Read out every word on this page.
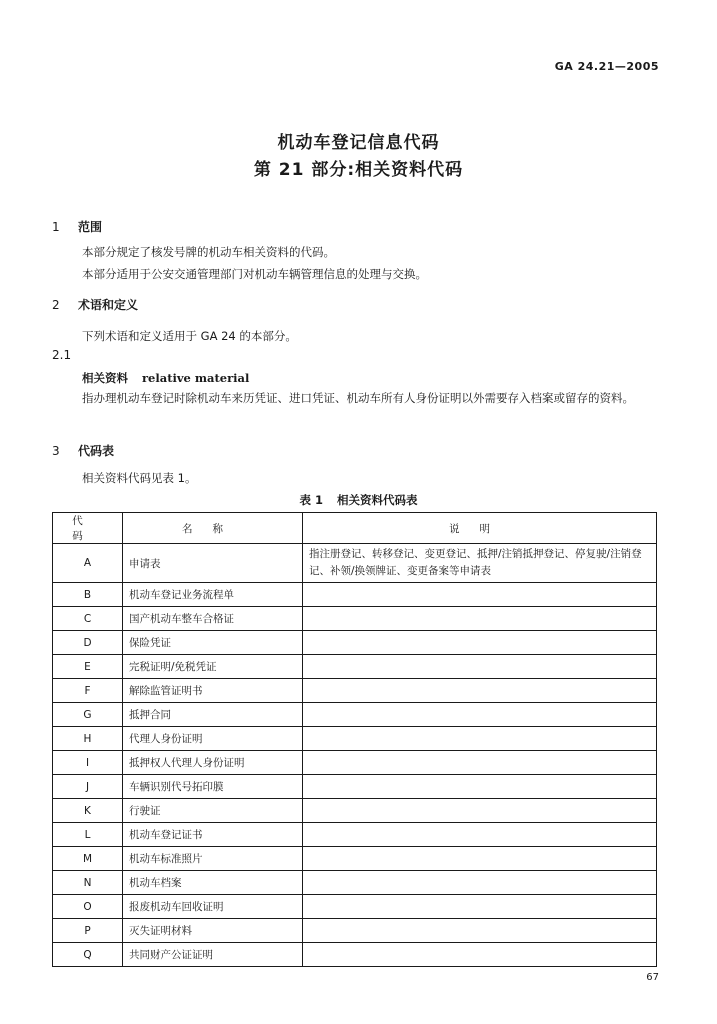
GA 24.21—2005
机动车登记信息代码
第 21 部分:相关资料代码
1 范围
本部分规定了核发号牌的机动车相关资料的代码。
本部分适用于公安交通管理部门对机动车辆管理信息的处理与交换。
2 术语和定义
下列术语和定义适用于 GA 24 的本部分。
2.1
相关资料 relative material
指办理机动车登记时除机动车来历凭证、进口凭证、机动车所有人身份证明以外需要存入档案或留存的资料。
3 代码表
相关资料代码见表 1。
表 1 相关资料代码表
代码	名称	说明
A	申请表	指注册登记、转移登记、变更登记、抵押/注销抵押登记、停复驶/注销登记、补领/换领牌证、变更备案等申请表
B	机动车登记业务流程单	
C	国产机动车整车合格证	
D	保险凭证	
E	完税证明/免税凭证	
F	解除监管证明书	
G	抵押合同	
H	代理人身份证明	
I	抵押权人代理人身份证明	
J	车辆识别代号拓印膜	
K	行驶证	
L	机动车登记证书	
M	机动车标准照片	
N	机动车档案	
O	报废机动车回收证明	
P	灭失证明材料	
Q	共同财产公证证明	
67
